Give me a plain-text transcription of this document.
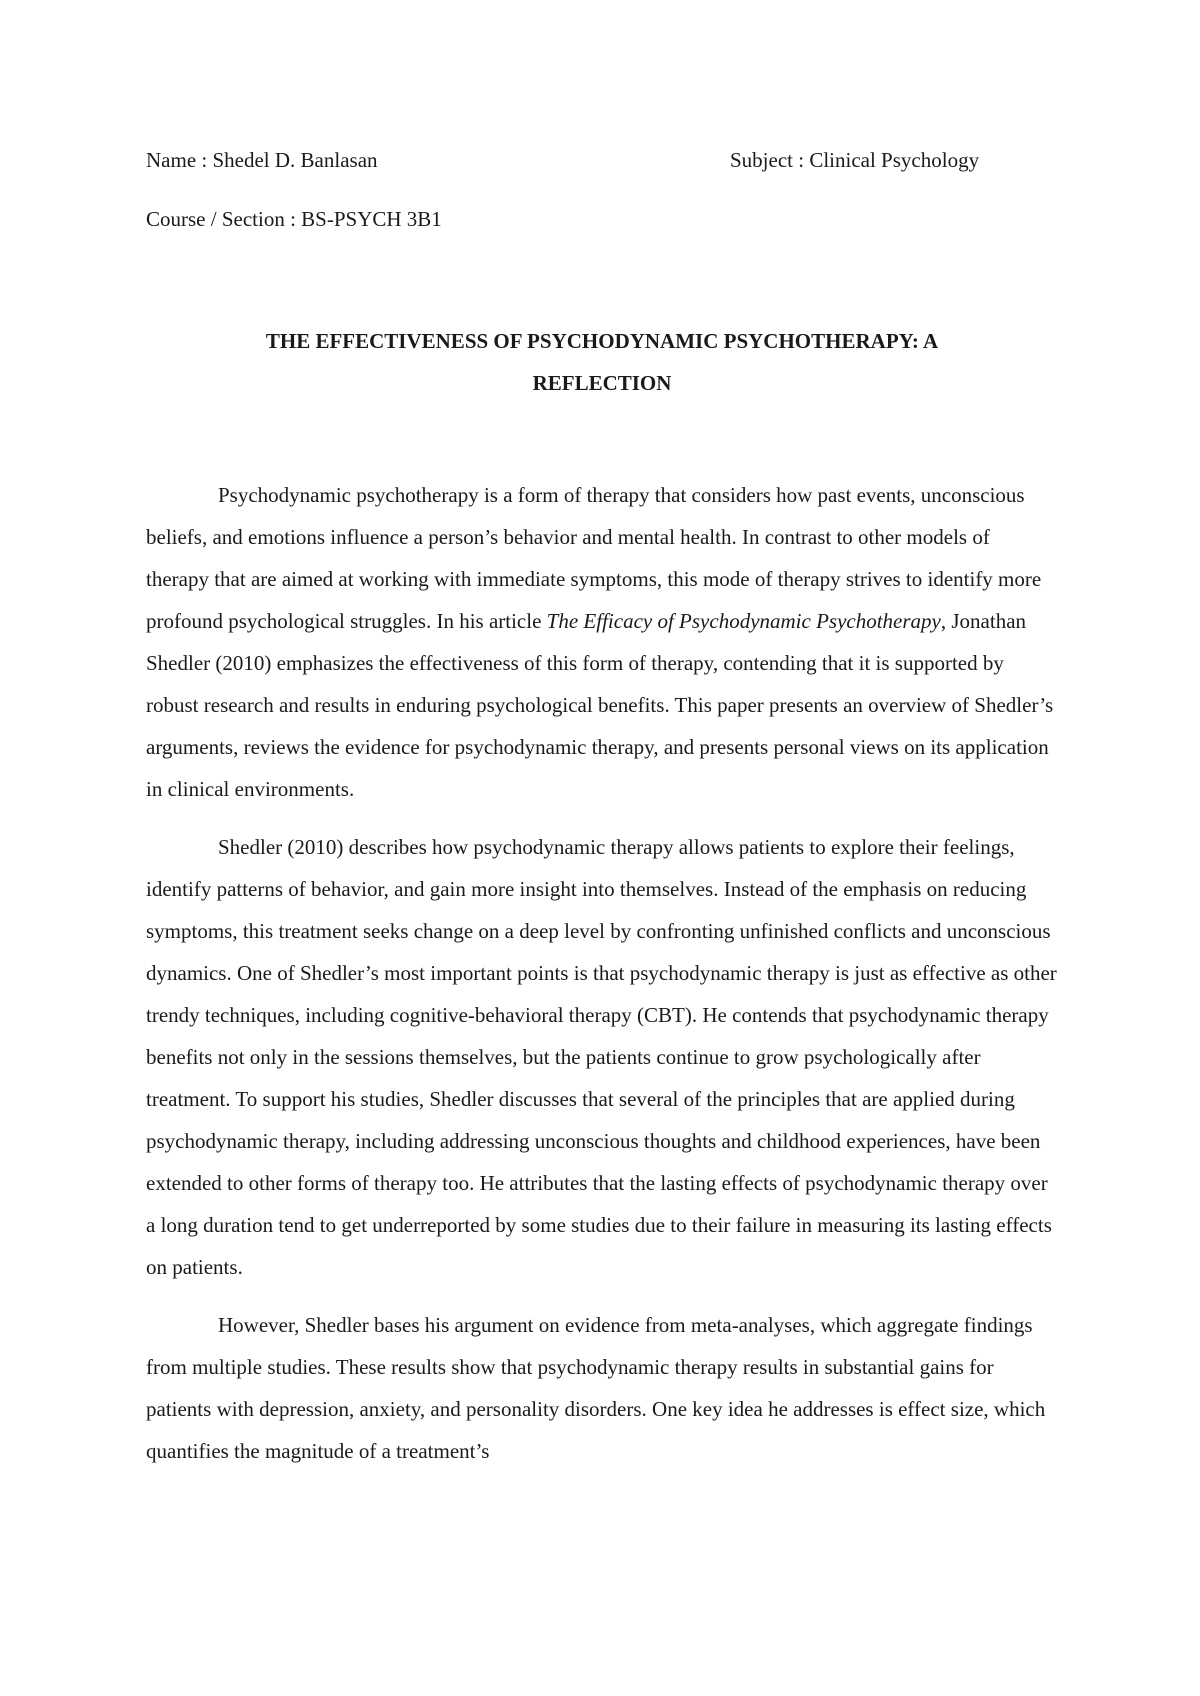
Name : Shedel D. Banlasan	Subject : Clinical Psychology
Course / Section : BS-PSYCH 3B1
THE EFFECTIVENESS OF PSYCHODYNAMIC PSYCHOTHERAPY: A
REFLECTION

Psychodynamic psychotherapy is a form of therapy that considers how past events, unconscious beliefs, and emotions influence a person’s behavior and mental health. In contrast to other models of therapy that are aimed at working with immediate symptoms, this mode of therapy strives to identify more profound psychological struggles. In his article The Efficacy of Psychodynamic Psychotherapy, Jonathan Shedler (2010) emphasizes the effectiveness of this form of therapy, contending that it is supported by robust research and results in enduring psychological benefits. This paper presents an overview of Shedler’s arguments, reviews the evidence for psychodynamic therapy, and presents personal views on its application in clinical environments.

Shedler (2010) describes how psychodynamic therapy allows patients to explore their feelings, identify patterns of behavior, and gain more insight into themselves. Instead of the emphasis on reducing symptoms, this treatment seeks change on a deep level by confronting unfinished conflicts and unconscious dynamics. One of Shedler’s most important points is that psychodynamic therapy is just as effective as other trendy techniques, including cognitive-behavioral therapy (CBT). He contends that psychodynamic therapy benefits not only in the sessions themselves, but the patients continue to grow psychologically after treatment. To support his studies, Shedler discusses that several of the principles that are applied during psychodynamic therapy, including addressing unconscious thoughts and childhood experiences, have been extended to other forms of therapy too. He attributes that the lasting effects of psychodynamic therapy over a long duration tend to get underreported by some studies due to their failure in measuring its lasting effects on patients.

However, Shedler bases his argument on evidence from meta-analyses, which aggregate findings from multiple studies. These results show that psychodynamic therapy results in substantial gains for patients with depression, anxiety, and personality disorders. One key idea he addresses is effect size, which quantifies the magnitude of a treatment’s
